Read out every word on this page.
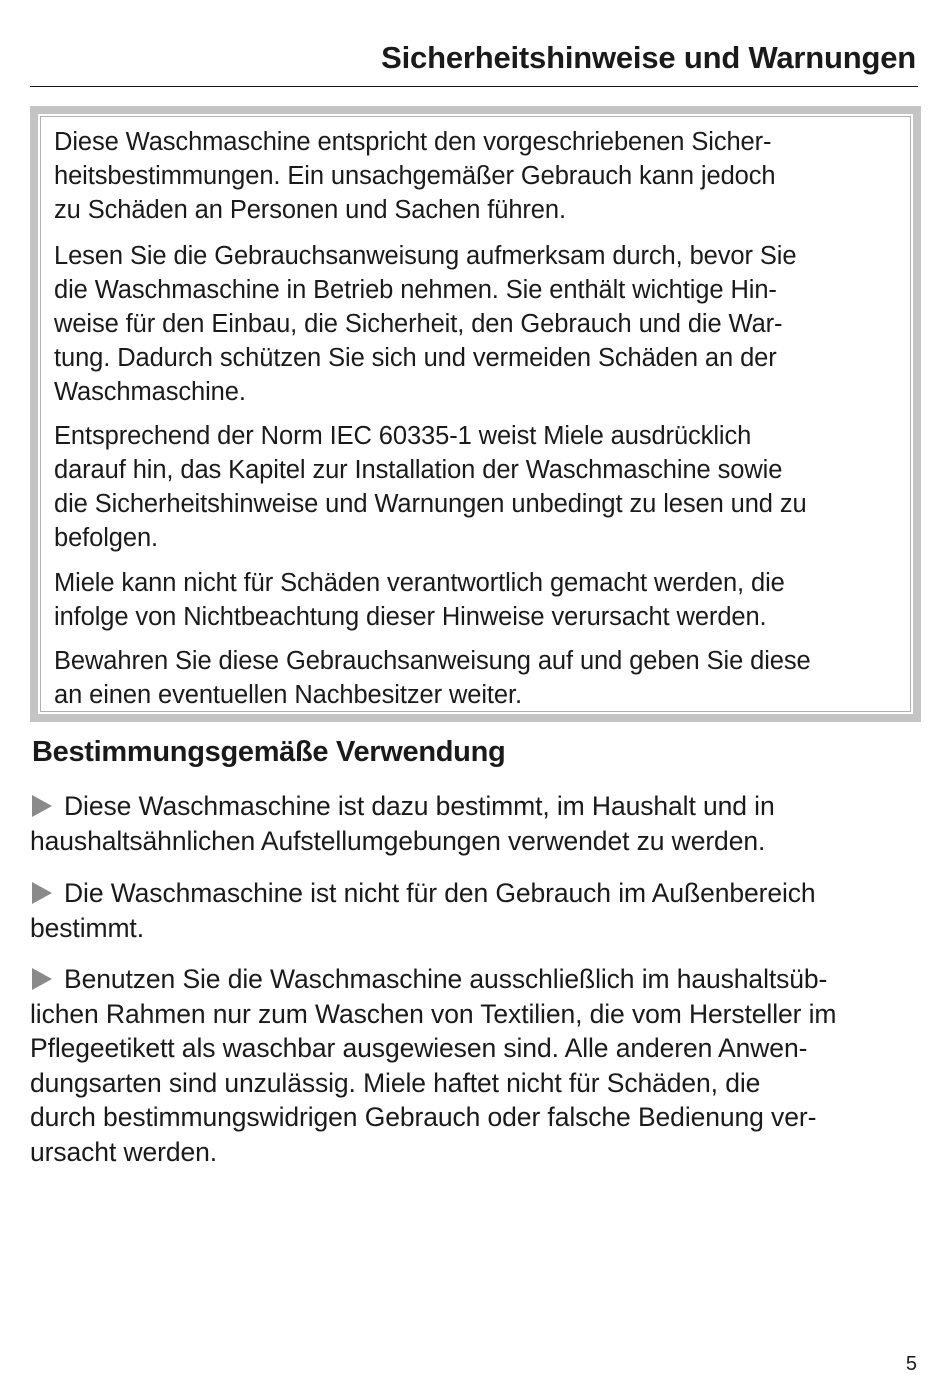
Sicherheitshinweise und Warnungen

Diese Waschmaschine entspricht den vorgeschriebenen Sicher-
heitsbestimmungen. Ein unsachgemäßer Gebrauch kann jedoch
zu Schäden an Personen und Sachen führen.

Lesen Sie die Gebrauchsanweisung aufmerksam durch, bevor Sie
die Waschmaschine in Betrieb nehmen. Sie enthält wichtige Hin-
weise für den Einbau, die Sicherheit, den Gebrauch und die War-
tung. Dadurch schützen Sie sich und vermeiden Schäden an der
Waschmaschine.

Entsprechend der Norm IEC 60335-1 weist Miele ausdrücklich
darauf hin, das Kapitel zur Installation der Waschmaschine sowie
die Sicherheitshinweise und Warnungen unbedingt zu lesen und zu
befolgen.

Miele kann nicht für Schäden verantwortlich gemacht werden, die
infolge von Nichtbeachtung dieser Hinweise verursacht werden.

Bewahren Sie diese Gebrauchsanweisung auf und geben Sie diese
an einen eventuellen Nachbesitzer weiter.

Bestimmungsgemäße Verwendung

Diese Waschmaschine ist dazu bestimmt, im Haushalt und in
haushaltsähnlichen Aufstellumgebungen verwendet zu werden.

Die Waschmaschine ist nicht für den Gebrauch im Außenbereich
bestimmt.

Benutzen Sie die Waschmaschine ausschließlich im haushaltsüb-
lichen Rahmen nur zum Waschen von Textilien, die vom Hersteller im
Pflegeetikett als waschbar ausgewiesen sind. Alle anderen Anwen-
dungsarten sind unzulässig. Miele haftet nicht für Schäden, die
durch bestimmungswidrigen Gebrauch oder falsche Bedienung ver-
ursacht werden.

5
